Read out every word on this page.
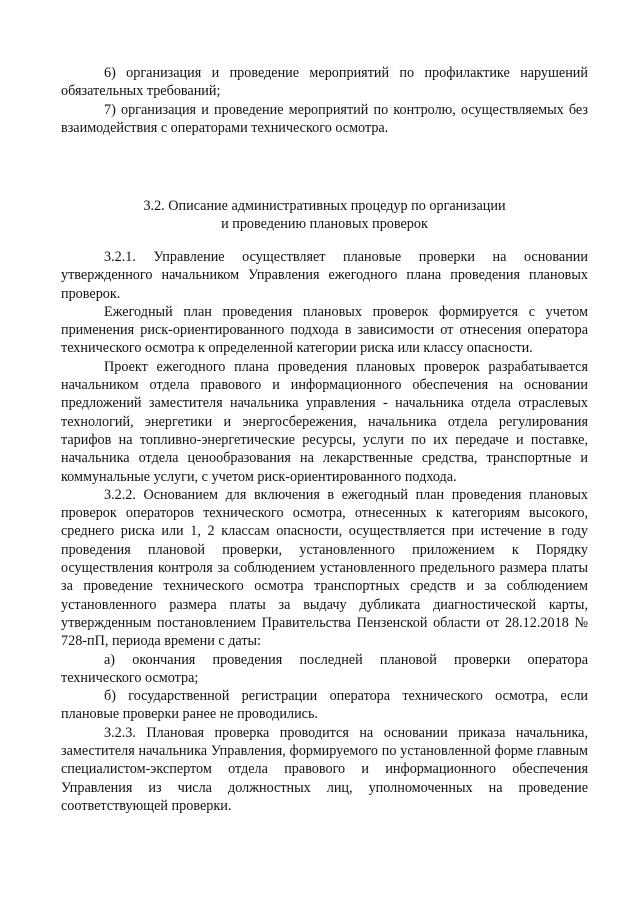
6) организация и проведение мероприятий по профилактике нарушений обязательных требований;

7) организация и проведение мероприятий по контролю, осуществляемых без взаимодействия с операторами технического осмотра.

3.2. Описание административных процедур по организации
и проведению плановых проверок

3.2.1. Управление осуществляет плановые проверки на основании утвержденного начальником Управления ежегодного плана проведения плановых проверок.

Ежегодный план проведения плановых проверок формируется с учетом применения риск-ориентированного подхода в зависимости от отнесения оператора технического осмотра к определенной категории риска или классу опасности.

Проект ежегодного плана проведения плановых проверок разрабатывается начальником отдела правового и информационного обеспечения на основании предложений заместителя начальника управления - начальника отдела отраслевых технологий, энергетики и энергосбережения, начальника отдела регулирования тарифов на топливно-энергетические ресурсы, услуги по их передаче и поставке, начальника отдела ценообразования на лекарственные средства, транспортные и коммунальные услуги, с учетом риск-ориентированного подхода.

3.2.2. Основанием для включения в ежегодный план проведения плановых проверок операторов технического осмотра, отнесенных к категориям высокого, среднего риска или 1, 2 классам опасности, осуществляется при истечение в году проведения плановой проверки, установленного приложением к Порядку осуществления контроля за соблюдением установленного предельного размера платы за проведение технического осмотра транспортных средств и за соблюдением установленного размера платы за выдачу дубликата диагностической карты, утвержденным постановлением Правительства Пензенской области от 28.12.2018 № 728-пП, периода времени с даты:

а) окончания проведения последней плановой проверки оператора технического осмотра;

б) государственной регистрации оператора технического осмотра, если плановые проверки ранее не проводились.

3.2.3. Плановая проверка проводится на основании приказа начальника, заместителя начальника Управления, формируемого по установленной форме главным специалистом-экспертом отдела правового и информационного обеспечения Управления из числа должностных лиц, уполномоченных на проведение соответствующей проверки.
